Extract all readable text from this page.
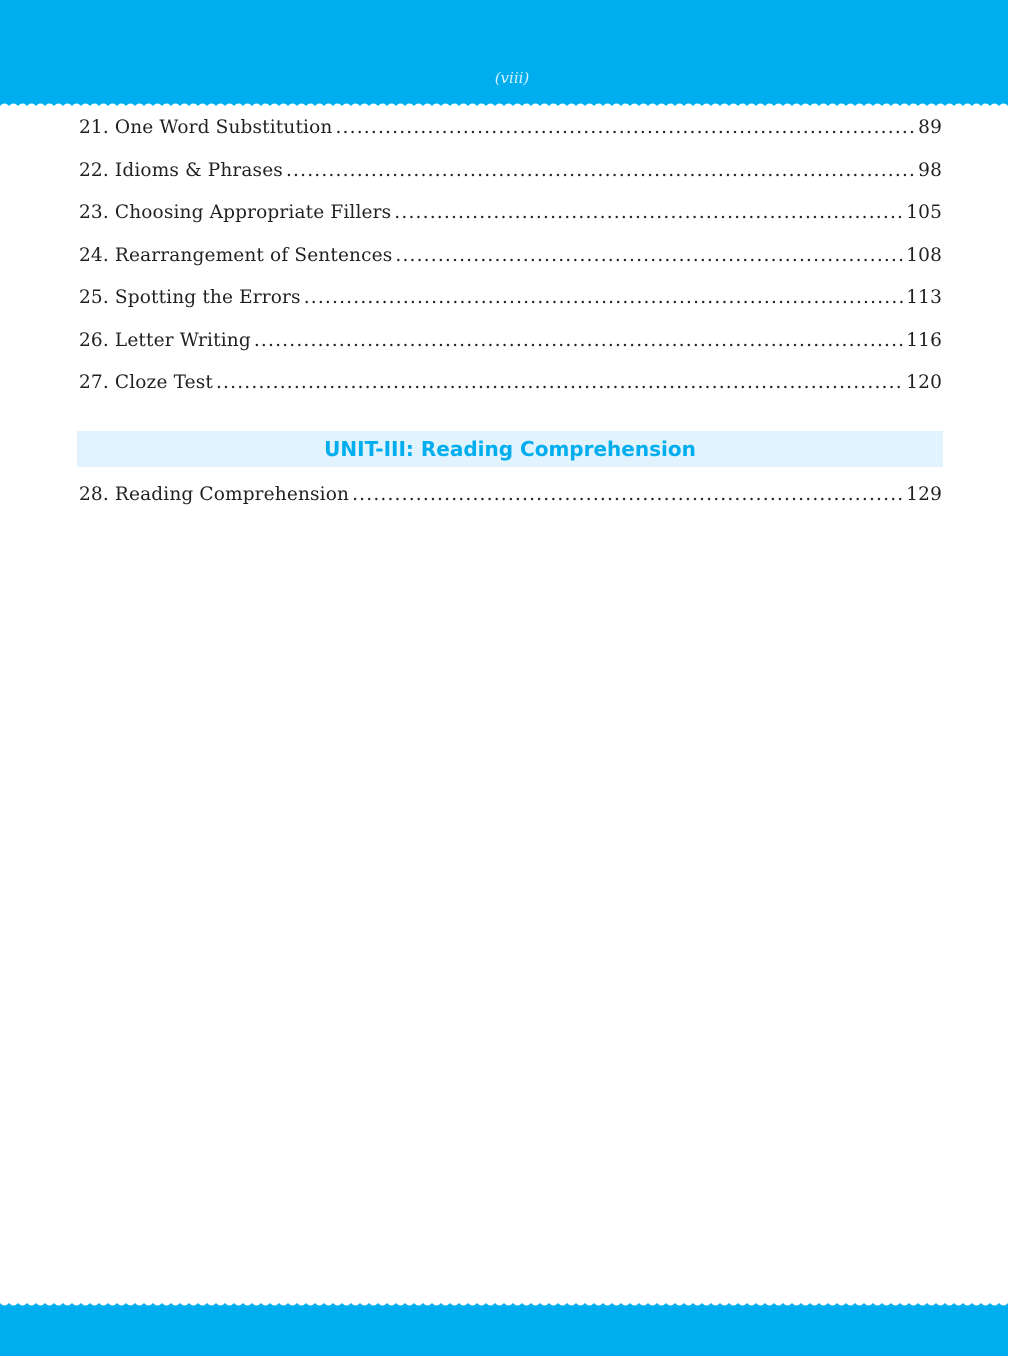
(viii)
21. One Word Substitution .....	89
22. Idioms & Phrases .....	98
23. Choosing Appropriate Fillers .....	105
24. Rearrangement of Sentences .....	108
25. Spotting the Errors .....	113
26. Letter Writing .....	116
27. Cloze Test .....	120
28. Reading Comprehension .....	129
UNIT-III: Reading Comprehension
